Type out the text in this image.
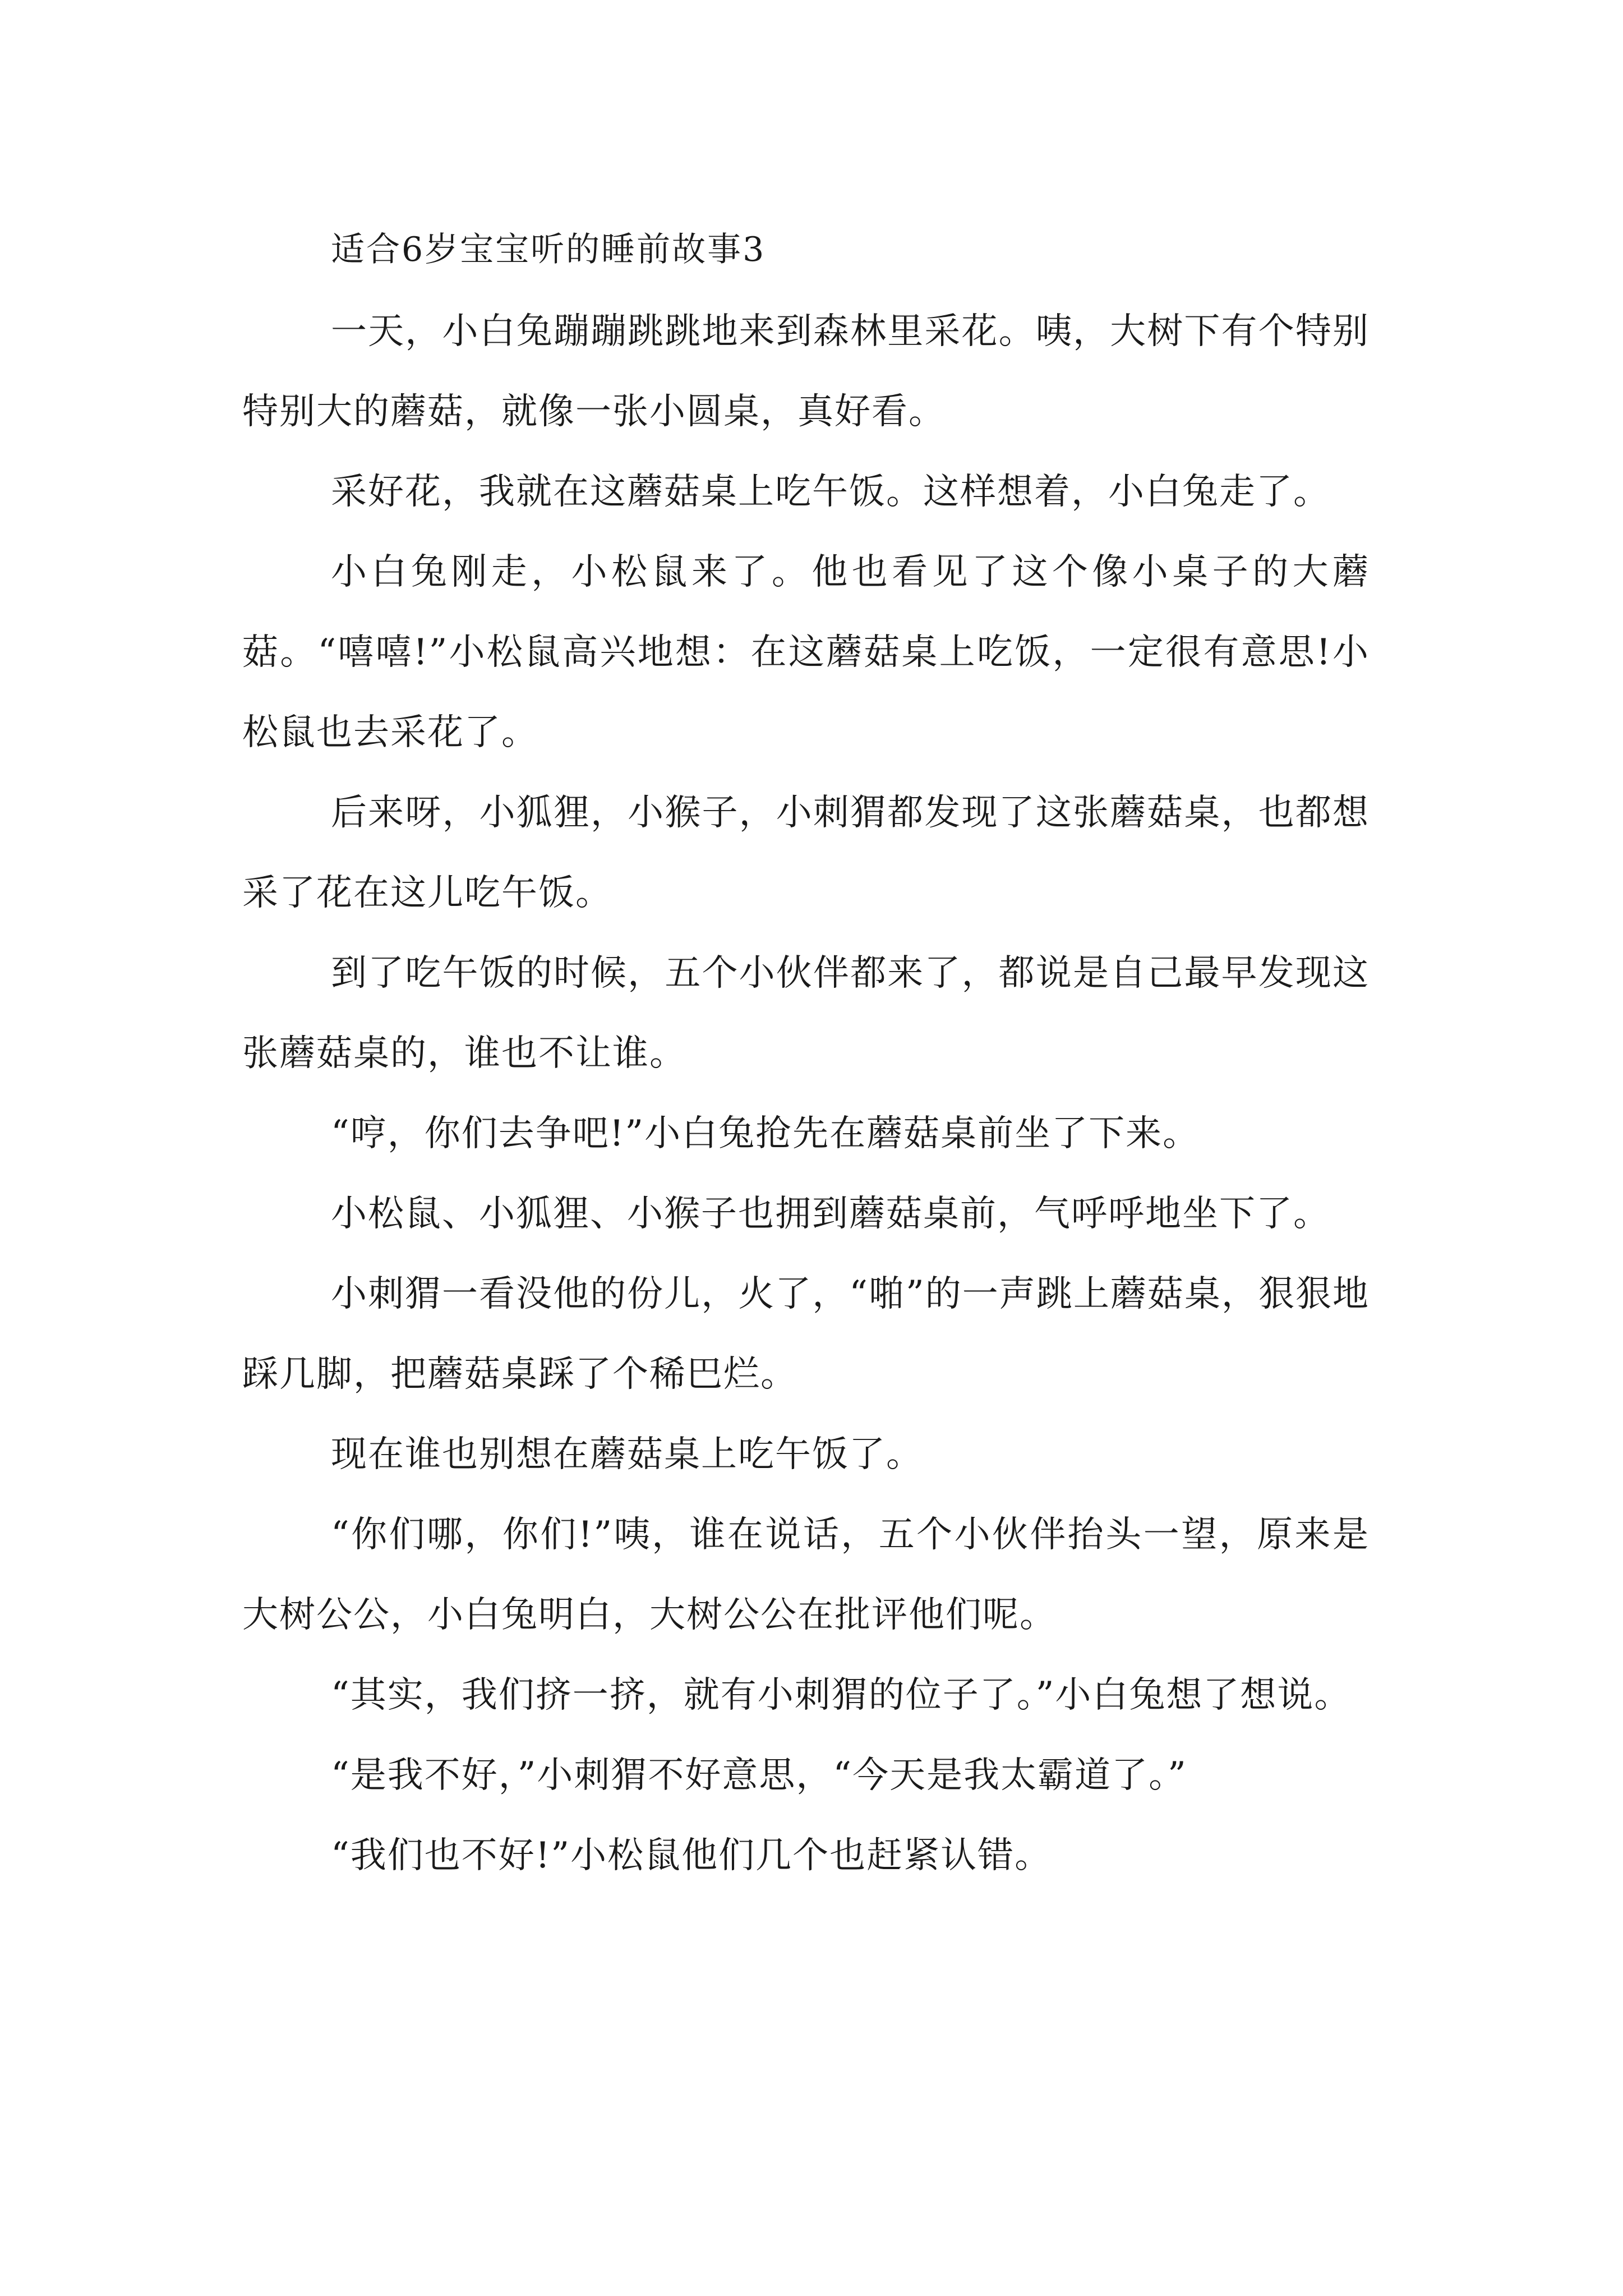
适合6岁宝宝听的睡前故事3

一天，小白兔蹦蹦跳跳地来到森林里采花。咦，大树下有个特别特别大的蘑菇，就像一张小圆桌，真好看。

采好花，我就在这蘑菇桌上吃午饭。这样想着，小白兔走了。

小白兔刚走，小松鼠来了。他也看见了这个像小桌子的大蘑菇。“嘻嘻!”小松鼠高兴地想：在这蘑菇桌上吃饭，一定很有意思!小松鼠也去采花了。

后来呀，小狐狸，小猴子，小刺猬都发现了这张蘑菇桌，也都想采了花在这儿吃午饭。

到了吃午饭的时候，五个小伙伴都来了，都说是自己最早发现这张蘑菇桌的，谁也不让谁。

“哼，你们去争吧!”小白兔抢先在蘑菇桌前坐了下来。

小松鼠、小狐狸、小猴子也拥到蘑菇桌前，气呼呼地坐下了。

小刺猬一看没他的份儿，火了，“啪”的一声跳上蘑菇桌，狠狠地踩几脚，把蘑菇桌踩了个稀巴烂。

现在谁也别想在蘑菇桌上吃午饭了。

“你们哪，你们!”咦，谁在说话，五个小伙伴抬头一望，原来是大树公公，小白兔明白，大树公公在批评他们呢。

“其实，我们挤一挤，就有小刺猬的位子了。”小白兔想了想说。

“是我不好，”小刺猬不好意思，“今天是我太霸道了。”

“我们也不好!”小松鼠他们几个也赶紧认错。
